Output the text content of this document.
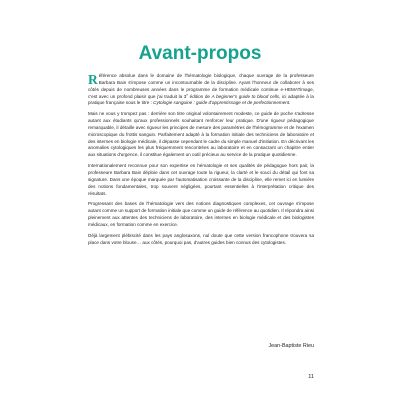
Avant-propos

Référence absolue dans le domaine de l'hématologie biologique, chaque ouvrage de la professeure Barbara Bain s'impose comme un incontournable de la discipline. Ayant l'honneur de collaborer à ses côtés depuis de nombreuses années dans le programme de formation médicale continue e-HEMATimage, c'est avec un profond plaisir que j'ai traduit la 3e édition de A beginner's guide to blood cells, ici adaptée à la pratique française sous le titre : Cytologie sanguine : guide d'apprentissage et de perfectionnement.

Mais ne vous y trompez pas : derrière son titre original volontairement modeste, ce guide de poche s'adresse autant aux étudiants qu'aux professionnels souhaitant renforcer leur pratique. D'une rigueur pédagogique remarquable, il détaille avec rigueur les principes de mesure des paramètres de l'hémogramme et de l'examen microscopique du frottis sanguin. Parfaitement adapté à la formation initiale des techniciens de laboratoire et des internes en biologie médicale, il dépasse cependant le cadre du simple manuel d'initiation. En décrivant les anomalies cytologiques les plus fréquemment rencontrées au laboratoire et en consacrant un chapitre entier aux situations d'urgence, il constitue également un outil précieux au service de la pratique quotidienne.

Internationalement reconnue pour son expertise en hématologie et ses qualités de pédagogue hors pair, la professeure Barbara Bain déploie dans cet ouvrage toute la rigueur, la clarté et le souci du détail qui font sa signature. Dans une époque marquée par l'automatisation croissante de la discipline, elle remet ici en lumière des notions fondamentales, trop souvent négligées, pourtant essentielles à l'interprétation critique des résultats.

Progressant des bases de l'hématologie vers des notions diagnostiques complexes, cet ouvrage s'impose autant comme un support de formation initiale que comme un guide de référence au quotidien. Il répondra ainsi pleinement aux attentes des techniciens de laboratoire, des internes en biologie médicale et des biologistes médicaux, en formation comme en exercice.

Déjà largement plébiscité dans les pays anglosaxons, nul doute que cette version francophone trouvera sa place dans votre blouse… aux côtés, pourquoi pas, d'autres guides bien connus des cytologistes.

Jean-Baptiste Rieu
11
